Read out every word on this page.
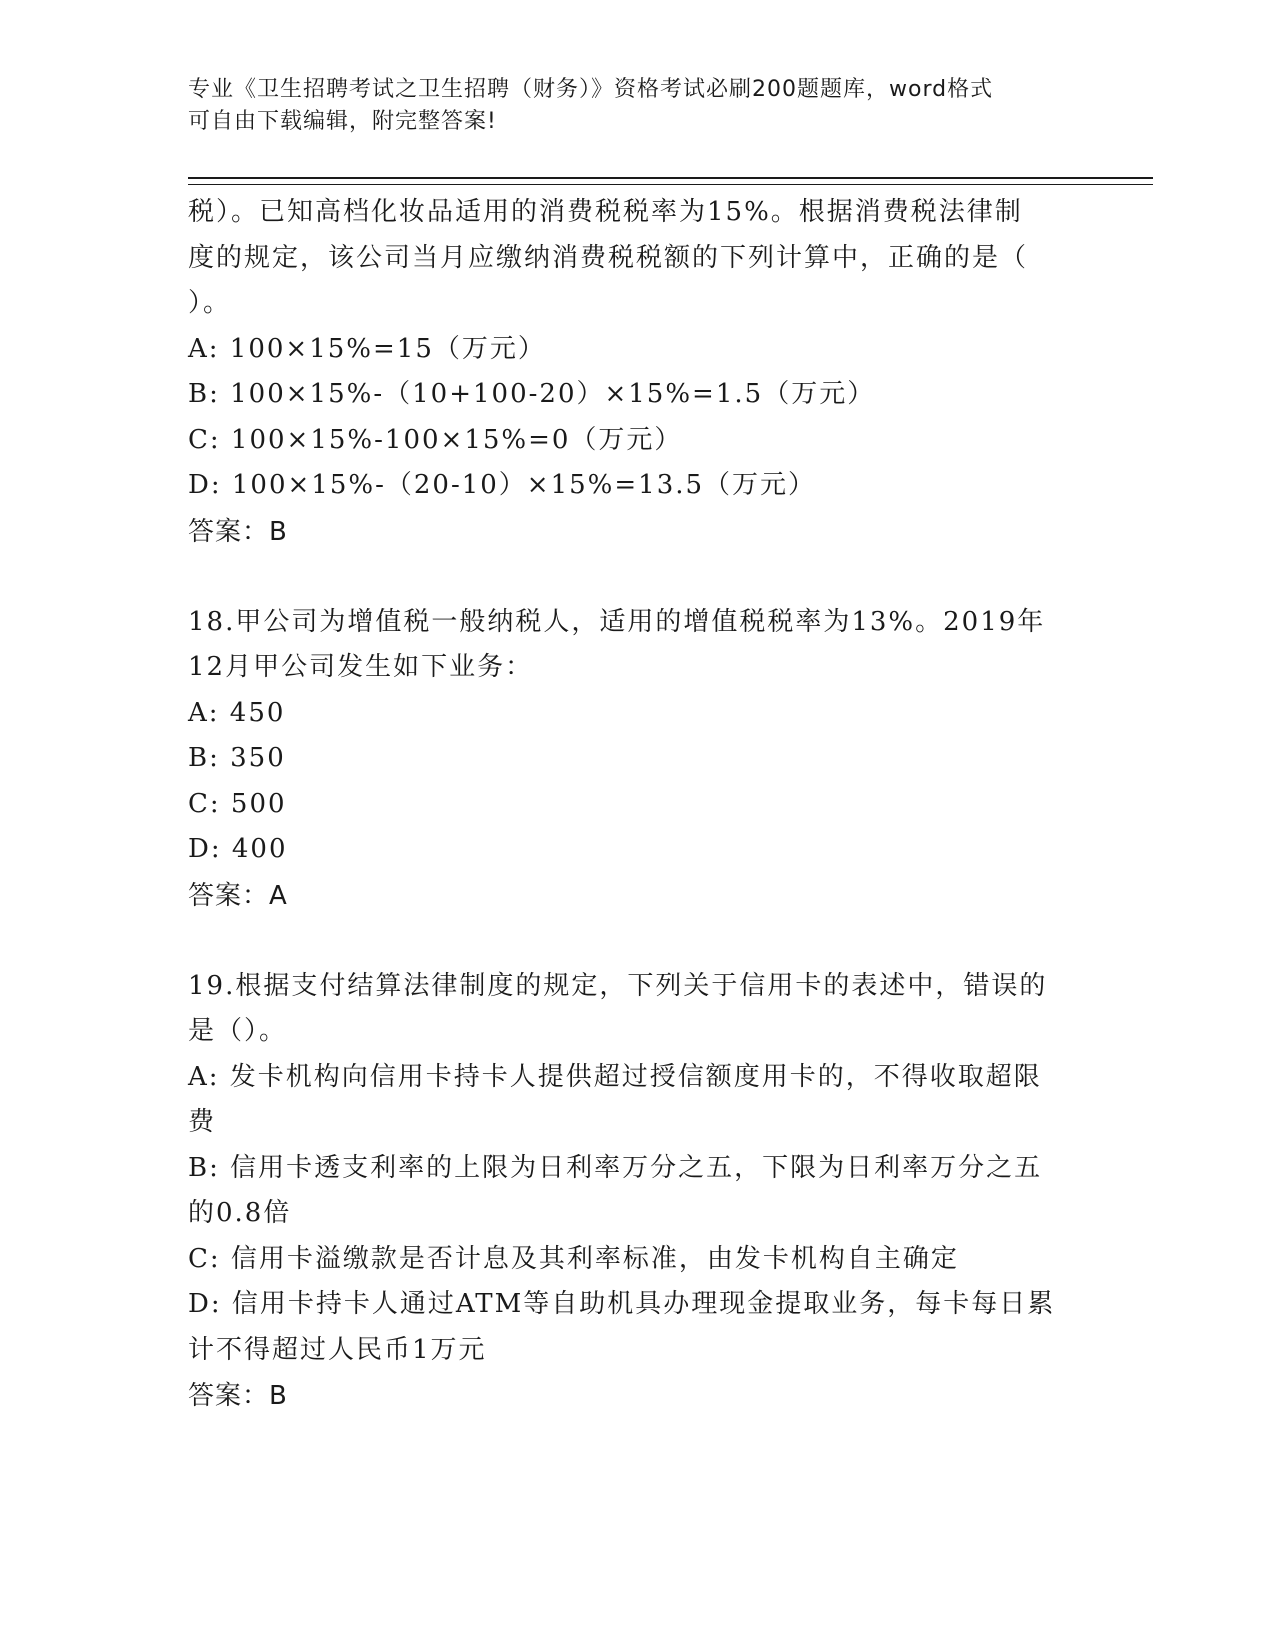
专业《卫生招聘考试之卫生招聘（财务）》资格考试必刷200题题库，word格式
可自由下载编辑，附完整答案!
税）。已知高档化妆品适用的消费税税率为15%。根据消费税法律制
度的规定，该公司当月应缴纳消费税税额的下列计算中，正确的是（
）。
A: 100×15%=15（万元）
B: 100×15%-（10+100-20）×15%=1.5（万元）
C: 100×15%-100×15%=0（万元）
D: 100×15%-（20-10）×15%=13.5（万元）
答案：B
18.甲公司为增值税一般纳税人，适用的增值税税率为13%。2019年
12月甲公司发生如下业务：
A: 450
B: 350
C: 500
D: 400
答案：A
19.根据支付结算法律制度的规定，下列关于信用卡的表述中，错误的
是（）。
A: 发卡机构向信用卡持卡人提供超过授信额度用卡的，不得收取超限
费
B: 信用卡透支利率的上限为日利率万分之五，下限为日利率万分之五
的0.8倍
C: 信用卡溢缴款是否计息及其利率标准，由发卡机构自主确定
D: 信用卡持卡人通过ATM等自助机具办理现金提取业务，每卡每日累
计不得超过人民币1万元
答案：B
